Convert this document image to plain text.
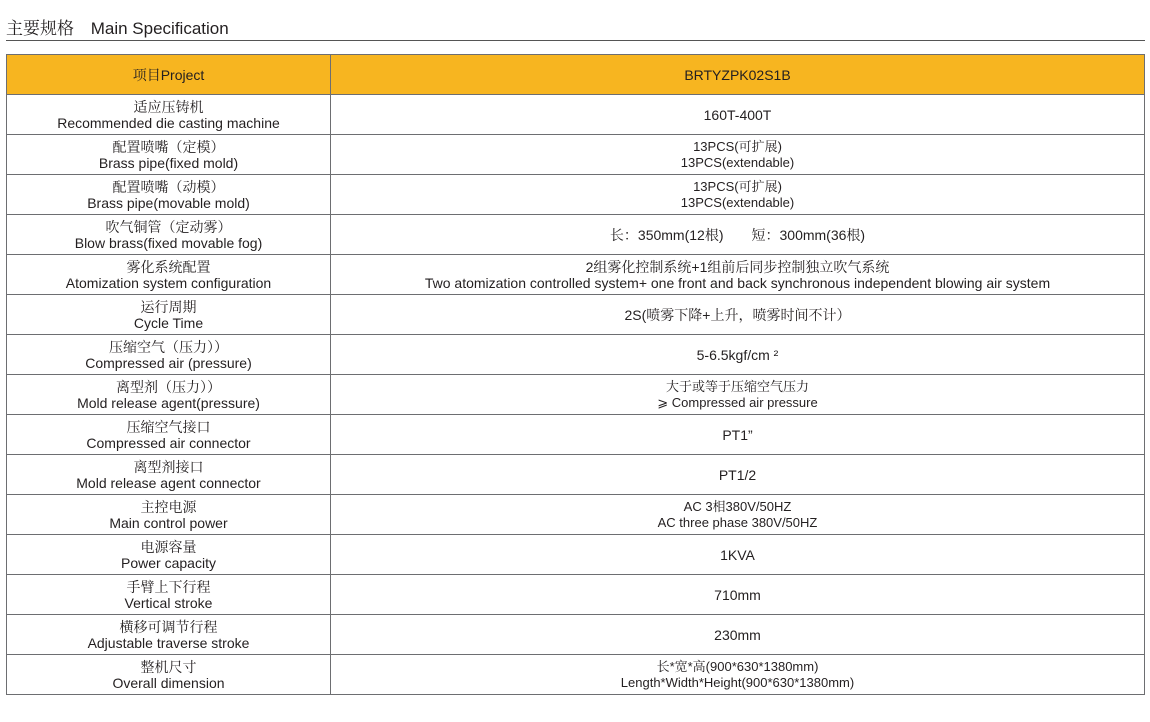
主要规格 Main Specification
项目Project	BRTYZPK02S1B

适应压铸机
Recommended die casting machine	160T-400T

配置喷嘴（定模）
Brass pipe(fixed mold)	13PCS(可扩展)
13PCS(extendable)

配置喷嘴（动模）
Brass pipe(movable mold)	13PCS(可扩展)
13PCS(extendable)

吹气铜管（定动雾）
Blow brass(fixed movable fog)	长：350mm(12根) 短：300mm(36根)

雾化系统配置
Atomization system configuration	2组雾化控制系统+1组前后同步控制独立吹气系统
Two atomization controlled system+ one front and back synchronous independent blowing air system

运行周期
Cycle Time	2S(喷雾下降+上升，喷雾时间不计）

压缩空气（压力））
Compressed air (pressure)	5-6.5kgf/cm ²

离型剂（压力））
Mold release agent(pressure)	大于或等于压缩空气压力
⩾ Compressed air pressure

压缩空气接口
Compressed air connector	PT1”

离型剂接口
Mold release agent connector	PT1/2

主控电源
Main control power	AC 3相380V/50HZ
AC three phase 380V/50HZ

电源容量
Power capacity	1KVA

手臂上下行程
Vertical stroke	710mm

横移可调节行程
Adjustable traverse stroke	230mm

整机尺寸
Overall dimension	长*宽*高(900*630*1380mm)
Length*Width*Height(900*630*1380mm)
